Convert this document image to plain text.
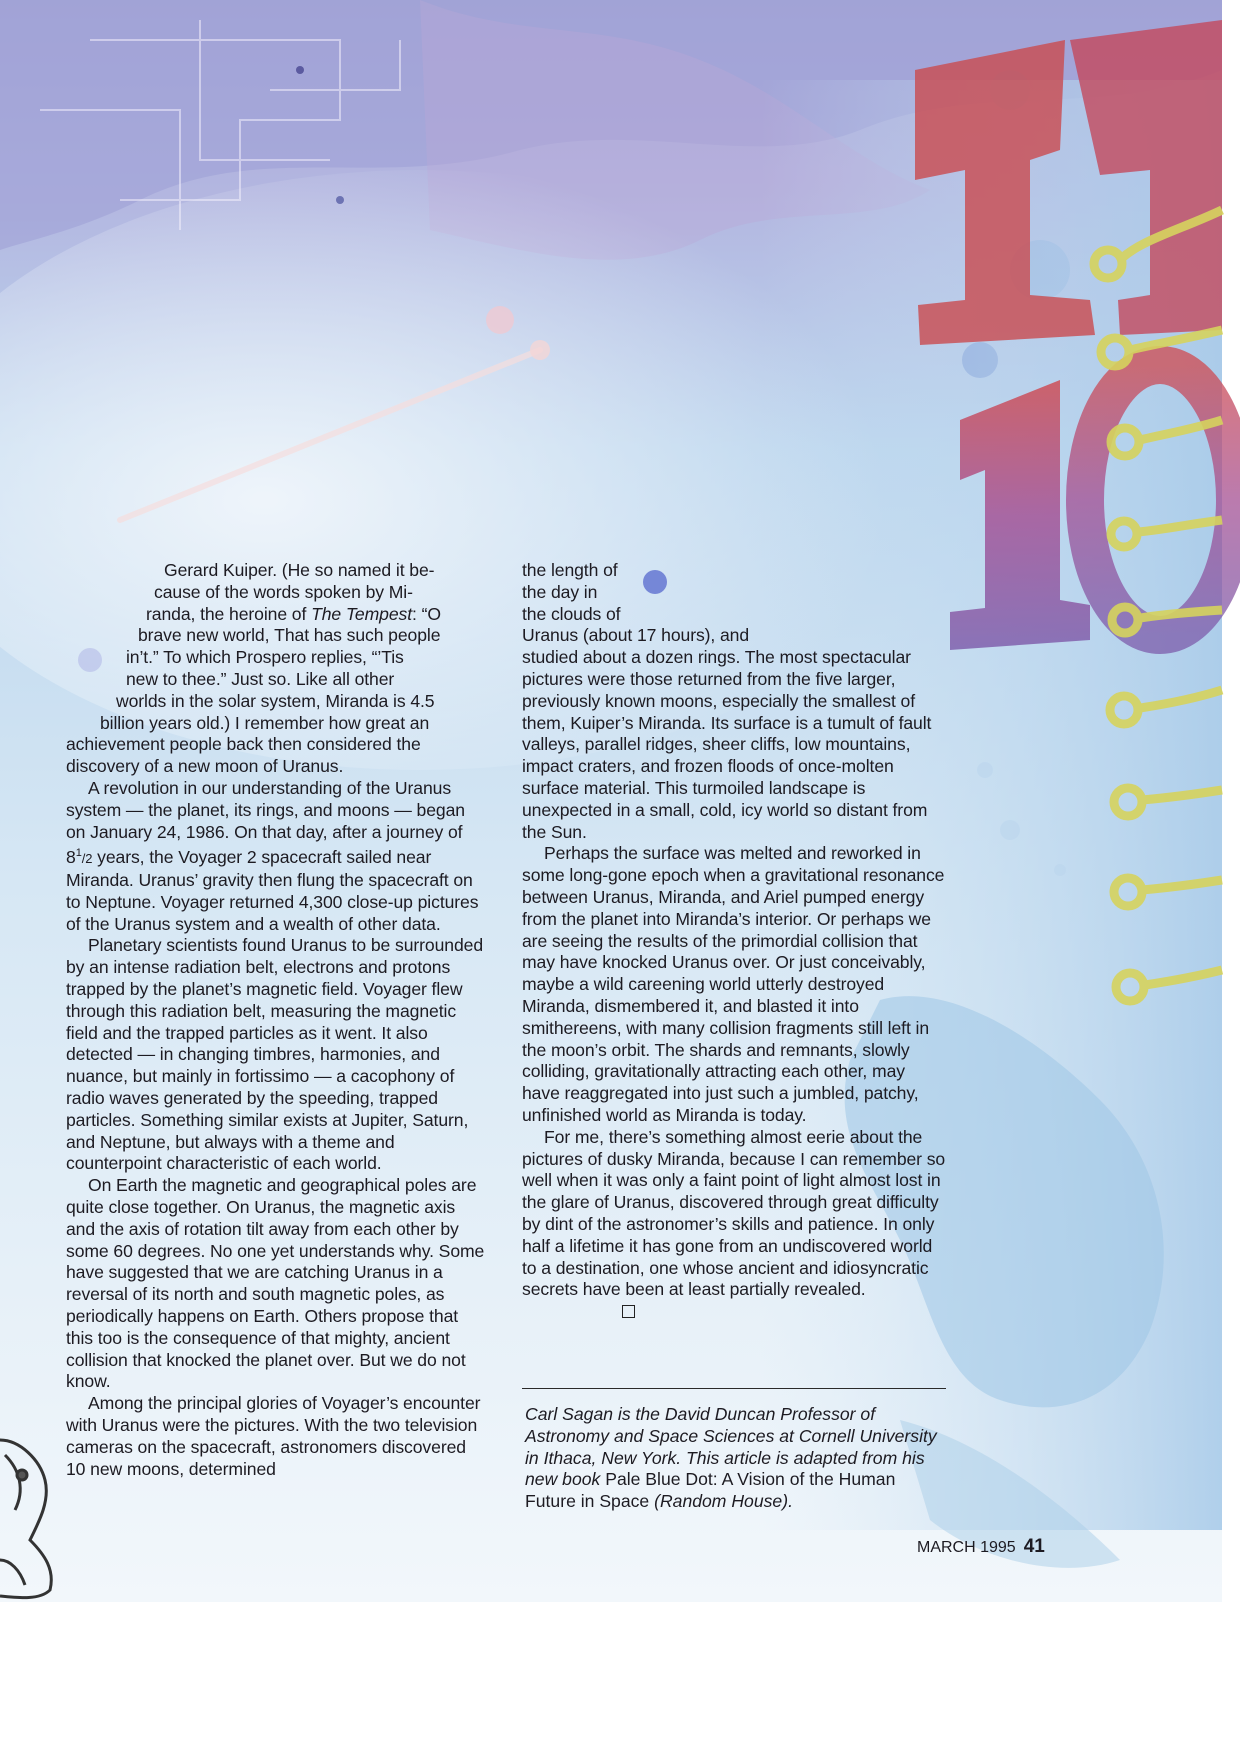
Gerard Kuiper. (He so named it be-
cause of the words spoken by Mi-
randa, the heroine of The Tempest: “O
brave new world, That has such people
in’t.” To which Prospero replies, “’Tis
new to thee.” Just so. Like all other
worlds in the solar system, Miranda is 4.5
billion years old.) I remember how great an
achievement people back then considered the
discovery of a new moon of Uranus.

A revolution in our understanding of the Uranus system — the planet, its rings, and moons — began on January 24, 1986. On that day, after a journey of $8^1/2$ years, the Voyager 2 spacecraft sailed near Miranda. Uranus’ gravity then flung the spacecraft on to Neptune. Voyager returned 4,300 close-up pictures of the Uranus system and a wealth of other data.

Planetary scientists found Uranus to be surrounded by an intense radiation belt, electrons and protons trapped by the planet’s magnetic field. Voyager flew through this radiation belt, measuring the magnetic field and the trapped particles as it went. It also detected — in changing timbres, harmonies, and nuance, but mainly in fortissimo — a cacophony of radio waves generated by the speeding, trapped particles. Something similar exists at Jupiter, Saturn, and Neptune, but always with a theme and counterpoint characteristic of each world.

On Earth the magnetic and geographical poles are quite close together. On Uranus, the magnetic axis and the axis of rotation tilt away from each other by some 60 degrees. No one yet understands why. Some have suggested that we are catching Uranus in a reversal of its north and south magnetic poles, as periodically happens on Earth. Others propose that this too is the consequence of that mighty, ancient collision that knocked the planet over. But we do not know.

Among the principal glories of Voyager’s encounter with Uranus were the pictures. With the two television cameras on the spacecraft, astronomers discovered 10 new moons, determined

the length of
the day in
the clouds of
Uranus (about 17 hours), and
studied about a dozen rings. The most spectacular pictures were those returned from the five larger, previously known moons, especially the smallest of them, Kuiper’s Miranda. Its surface is a tumult of fault valleys, parallel ridges, sheer cliffs, low mountains, impact craters, and frozen floods of once-molten surface material. This turmoiled landscape is unexpected in a small, cold, icy world so distant from the Sun.

Perhaps the surface was melted and reworked in some long-gone epoch when a gravitational resonance between Uranus, Miranda, and Ariel pumped energy from the planet into Miranda’s interior. Or perhaps we are seeing the results of the primordial collision that may have knocked Uranus over. Or just conceivably, maybe a wild careening world utterly destroyed Miranda, dismembered it, and blasted it into smithereens, with many collision fragments still left in the moon’s orbit. The shards and remnants, slowly colliding, gravitationally attracting each other, may have reaggregated into just such a jumbled, patchy, unfinished world as Miranda is today.

For me, there’s something almost eerie about the pictures of dusky Miranda, because I can remember so well when it was only a faint point of light almost lost in the glare of Uranus, discovered through great difficulty by dint of the astronomer’s skills and patience. In only half a lifetime it has gone from an undiscovered world to a destination, one whose ancient and idiosyncratic secrets have been at least partially revealed.

Carl Sagan is the David Duncan Professor of Astronomy and Space Sciences at Cornell University in Ithaca, New York. This article is adapted from his new book Pale Blue Dot: A Vision of the Human Future in Space (Random House).
MARCH 1995 41
